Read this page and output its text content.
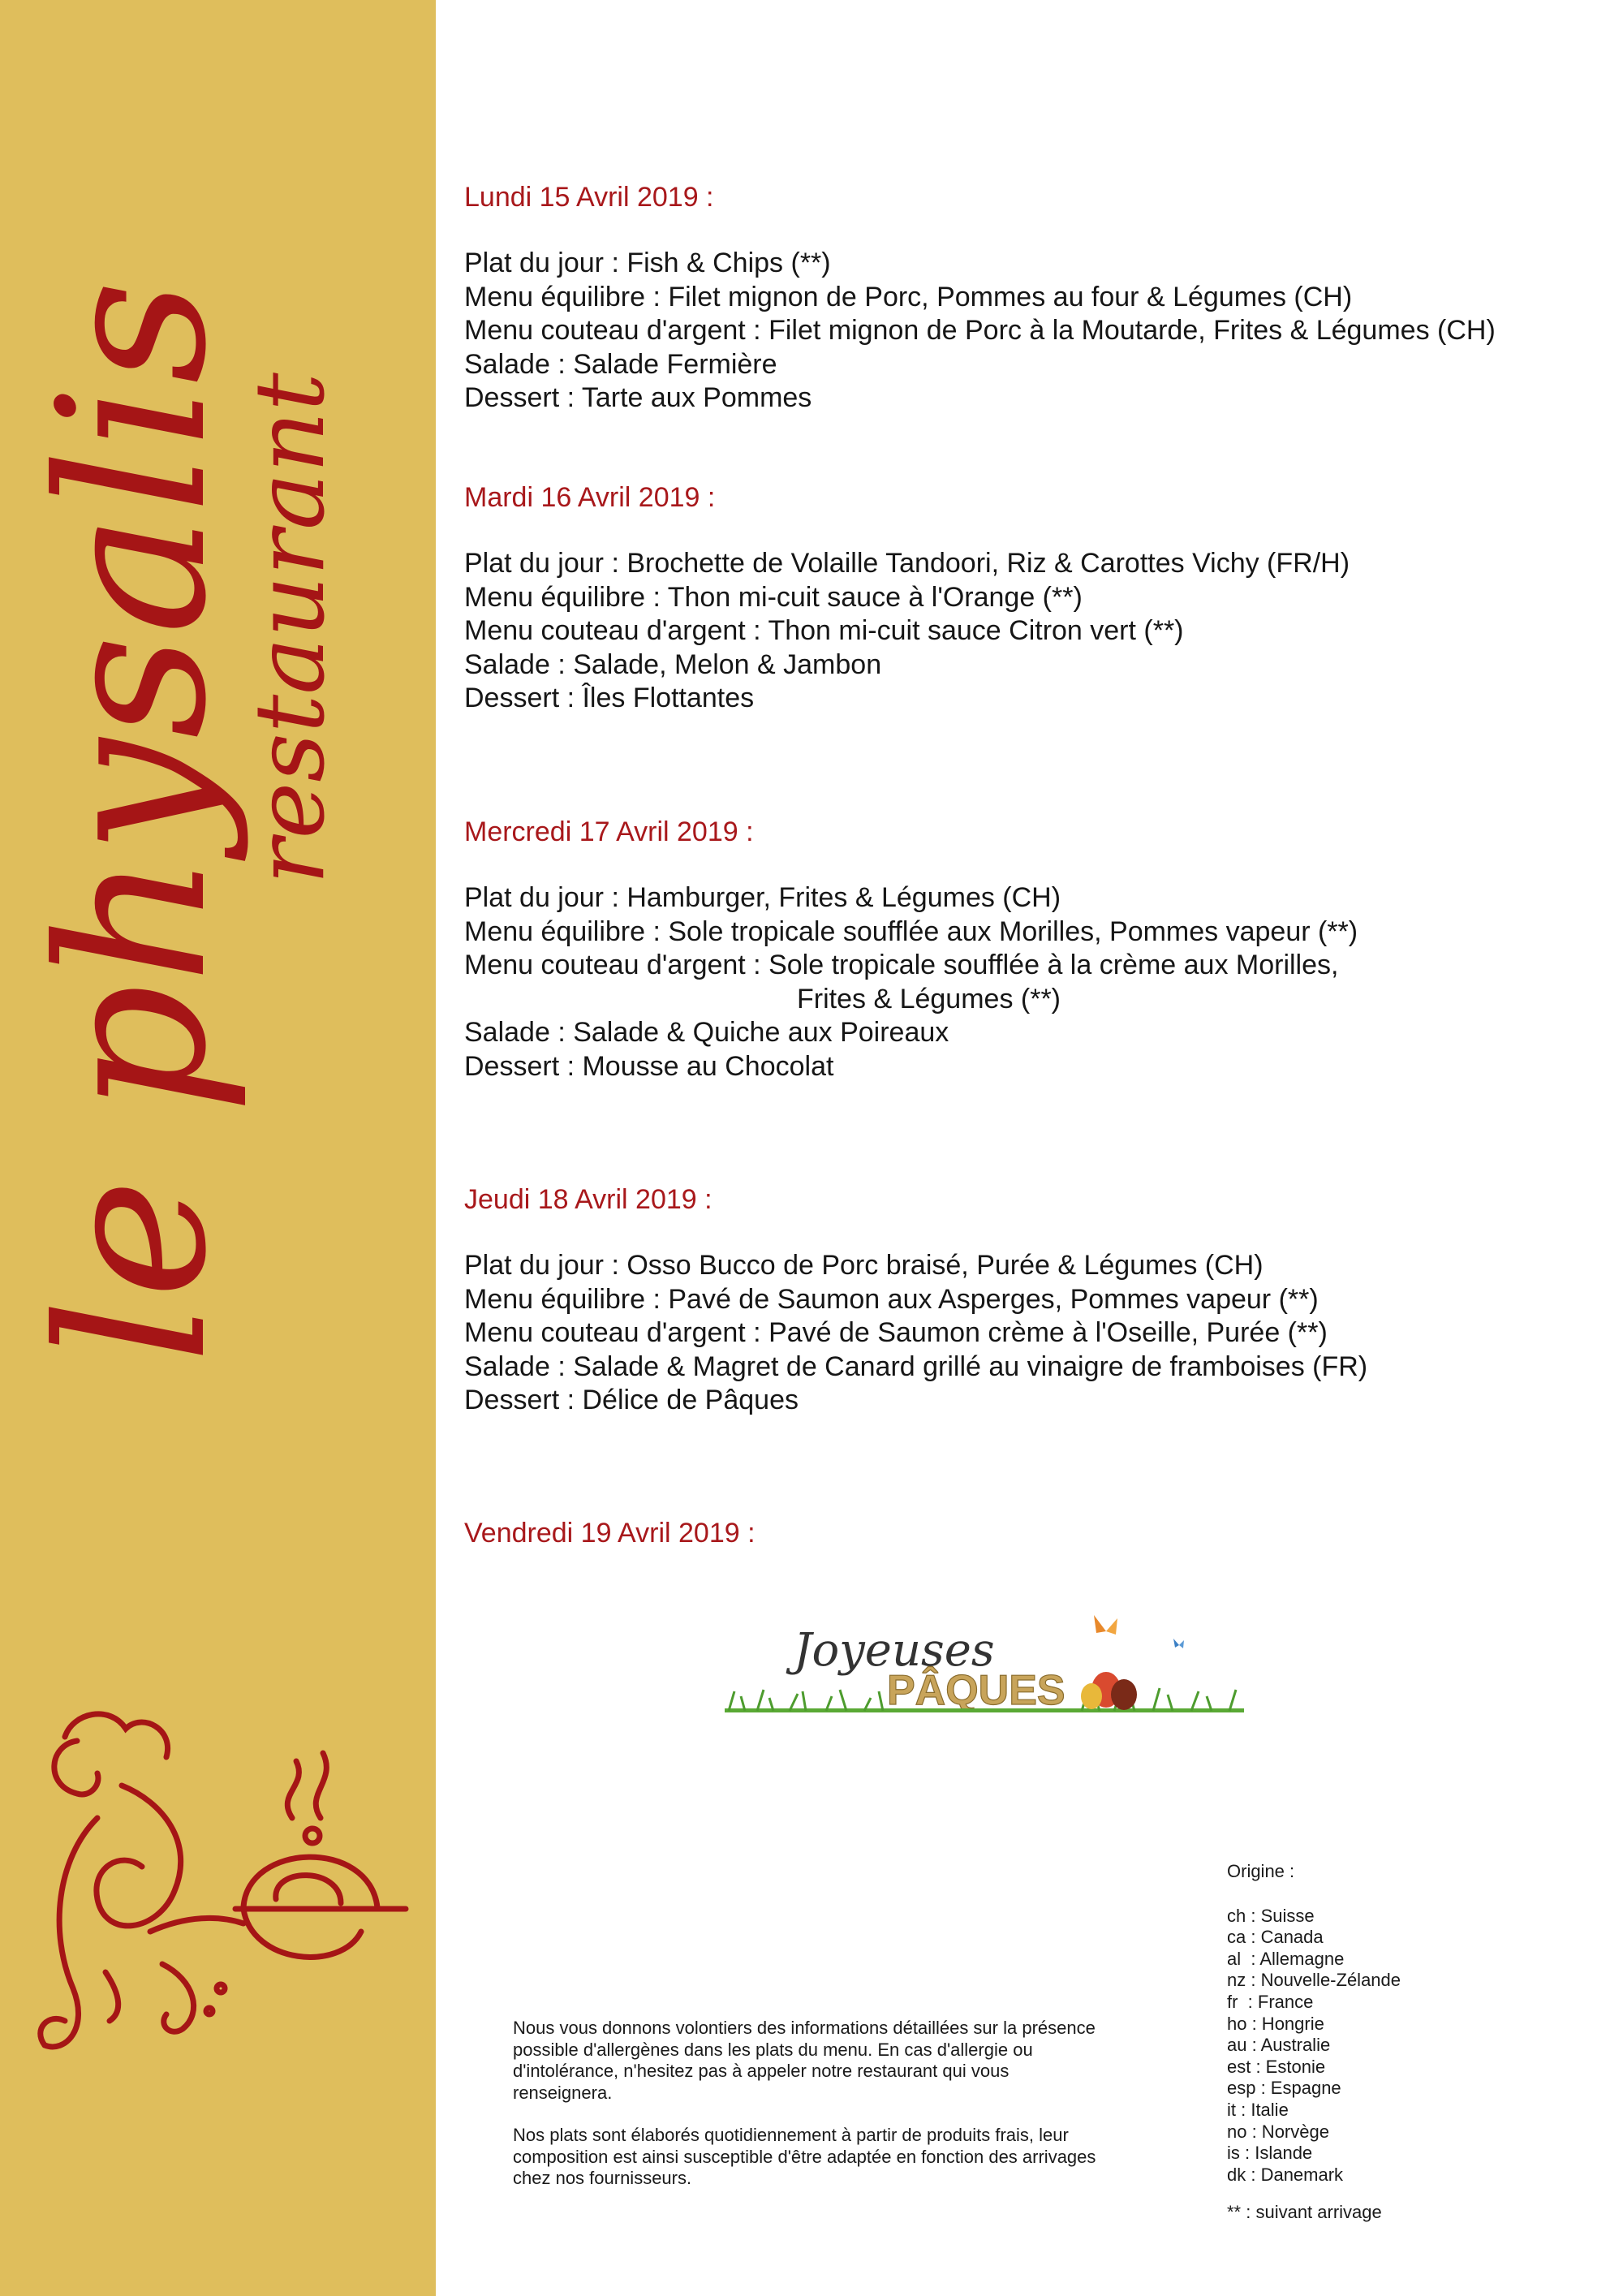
le physalis
restaurant
Lundi 15 Avril 2019 :
Plat du jour : Fish & Chips (**)
Menu équilibre : Filet mignon de Porc, Pommes au four & Légumes (CH)
Menu couteau d'argent : Filet mignon de Porc à la Moutarde, Frites & Légumes (CH)
Salade : Salade Fermière
Dessert : Tarte aux Pommes
Mardi 16 Avril 2019 :
Plat du jour : Brochette de Volaille Tandoori, Riz & Carottes Vichy (FR/H)
Menu équilibre : Thon mi-cuit sauce à l'Orange (**)
Menu couteau d'argent : Thon mi-cuit sauce Citron vert (**)
Salade : Salade, Melon & Jambon
Dessert : Îles Flottantes
Mercredi 17 Avril 2019 :
Plat du jour : Hamburger, Frites & Légumes (CH)
Menu équilibre : Sole tropicale soufflée aux Morilles, Pommes vapeur (**)
Menu couteau d'argent : Sole tropicale soufflée à la crème aux Morilles,
Frites & Légumes (**)
Salade : Salade & Quiche aux Poireaux
Dessert : Mousse au Chocolat
Jeudi 18 Avril 2019 :
Plat du jour : Osso Bucco de Porc braisé, Purée & Légumes (CH)
Menu équilibre : Pavé de Saumon aux Asperges, Pommes vapeur (**)
Menu couteau d'argent : Pavé de Saumon crème à l'Oseille, Purée (**)
Salade : Salade & Magret de Canard grillé au vinaigre de framboises (FR)
Dessert : Délice de Pâques
Vendredi 19 Avril 2019 :
Joyeuses
PÂQUES

Nous vous donnons volontiers des informations détaillées sur la présence possible d'allergènes dans les plats du menu. En cas d'allergie ou d'intolérance, n'hesitez pas à appeler notre restaurant qui vous renseignera.

Nos plats sont élaborés quotidiennement à partir de produits frais, leur composition est ainsi susceptible d'être adaptée en fonction des arrivages chez nos fournisseurs.

Origine :
ch : Suisse
ca : Canada
al  : Allemagne
nz : Nouvelle-Zélande
fr  : France
ho : Hongrie
au : Australie
est : Estonie
esp : Espagne
it : Italie
no : Norvège
is : Islande
dk : Danemark
** : suivant arrivage
